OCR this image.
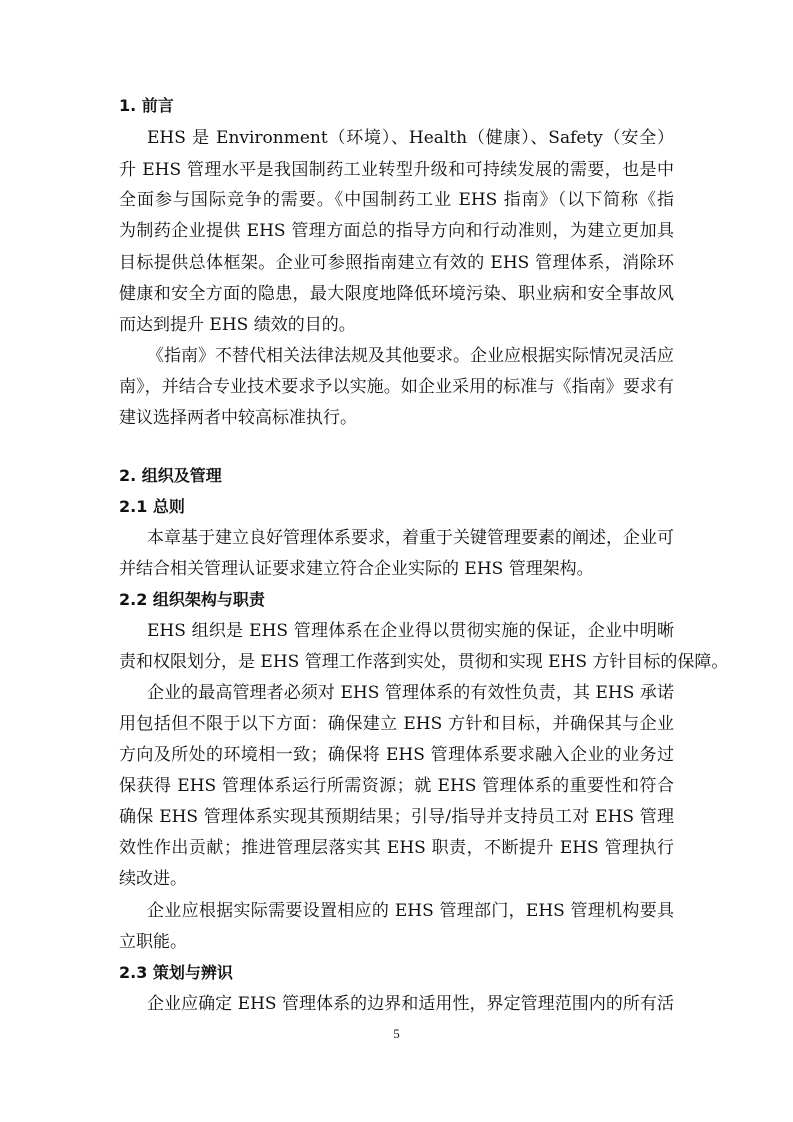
1. 前言
EHS 是 Environment（环境）、Health（健康）、Safety（安全）
升 EHS 管理水平是我国制药工业转型升级和可持续发展的需要，也是中
全面参与国际竞争的需要。《中国制药工业 EHS 指南》（以下简称《指
为制药企业提供 EHS 管理方面总的指导方向和行动准则，为建立更加具
目标提供总体框架。企业可参照指南建立有效的 EHS 管理体系，消除环
健康和安全方面的隐患，最大限度地降低环境污染、职业病和安全事故风
而达到提升 EHS 绩效的目的。
《指南》不替代相关法律法规及其他要求。企业应根据实际情况灵活应
南》，并结合专业技术要求予以实施。如企业采用的标准与《指南》要求有
建议选择两者中较高标准执行。
2. 组织及管理
2.1 总则
本章基于建立良好管理体系要求，着重于关键管理要素的阐述，企业可
并结合相关管理认证要求建立符合企业实际的 EHS 管理架构。
2.2 组织架构与职责
EHS 组织是 EHS 管理体系在企业得以贯彻实施的保证，企业中明晰
责和权限划分，是 EHS 管理工作落到实处，贯彻和实现 EHS 方针目标的保障。
企业的最高管理者必须对 EHS 管理体系的有效性负责，其 EHS 承诺
用包括但不限于以下方面：确保建立 EHS 方针和目标，并确保其与企业
方向及所处的环境相一致；确保将 EHS 管理体系要求融入企业的业务过
保获得 EHS 管理体系运行所需资源；就 EHS 管理体系的重要性和符合
确保 EHS 管理体系实现其预期结果；引导/指导并支持员工对 EHS 管理
效性作出贡献；推进管理层落实其 EHS 职责，不断提升 EHS 管理执行
续改进。
企业应根据实际需要设置相应的 EHS 管理部门，EHS 管理机构要具
立职能。
2.3 策划与辨识
企业应确定 EHS 管理体系的边界和适用性，界定管理范围内的所有活
5
